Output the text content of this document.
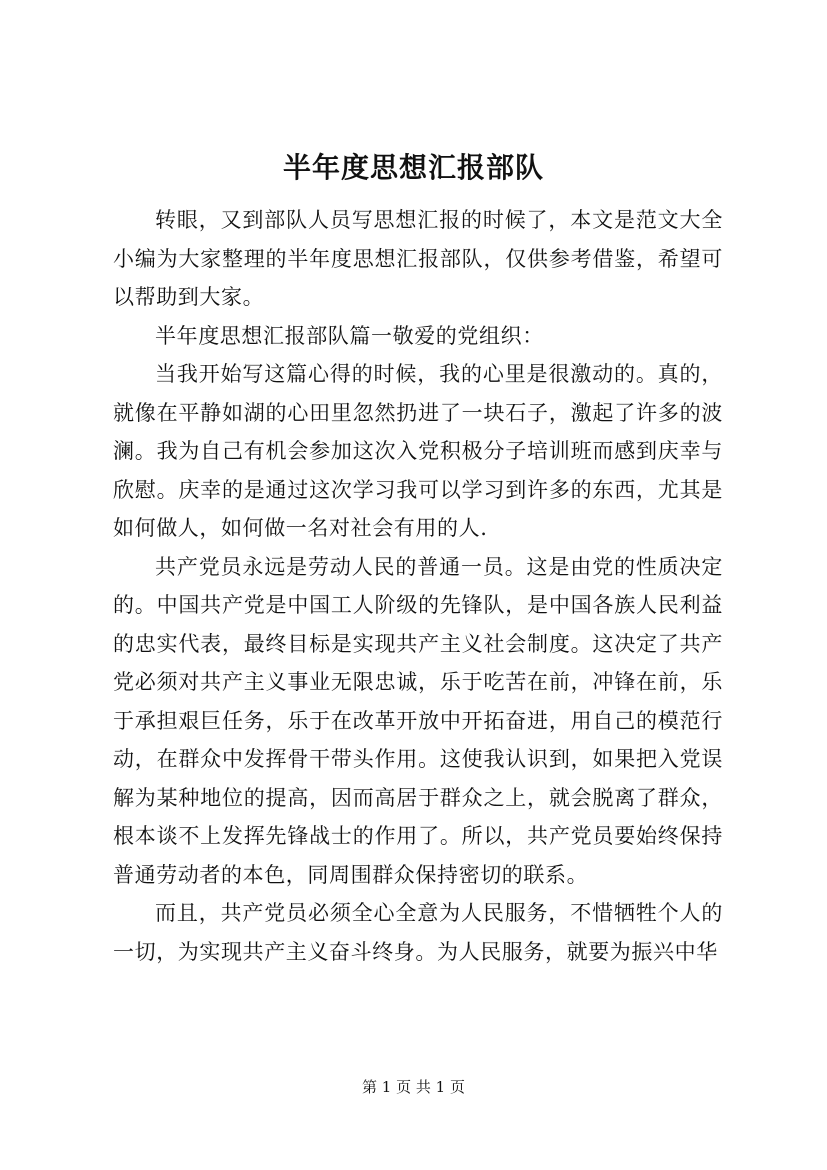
半年度思想汇报部队

转眼，又到部队人员写思想汇报的时候了，本文是范文大全小编为大家整理的半年度思想汇报部队，仅供参考借鉴，希望可以帮助到大家。

半年度思想汇报部队篇一敬爱的党组织：

当我开始写这篇心得的时候，我的心里是很激动的。真的，就像在平静如湖的心田里忽然扔进了一块石子，激起了许多的波澜。我为自己有机会参加这次入党积极分子培训班而感到庆幸与欣慰。庆幸的是通过这次学习我可以学习到许多的东西，尤其是如何做人，如何做一名对社会有用的人.

共产党员永远是劳动人民的普通一员。这是由党的性质决定的。中国共产党是中国工人阶级的先锋队，是中国各族人民利益的忠实代表，最终目标是实现共产主义社会制度。这决定了共产党必须对共产主义事业无限忠诚，乐于吃苦在前，冲锋在前，乐于承担艰巨任务，乐于在改革开放中开拓奋进，用自己的模范行动，在群众中发挥骨干带头作用。这使我认识到，如果把入党误解为某种地位的提高，因而高居于群众之上，就会脱离了群众，根本谈不上发挥先锋战士的作用了。所以，共产党员要始终保持普通劳动者的本色，同周围群众保持密切的联系。

而且，共产党员必须全心全意为人民服务，不惜牺牲个人的一切，为实现共产主义奋斗终身。为人民服务，就要为振兴中华

第 1 页 共 1 页
